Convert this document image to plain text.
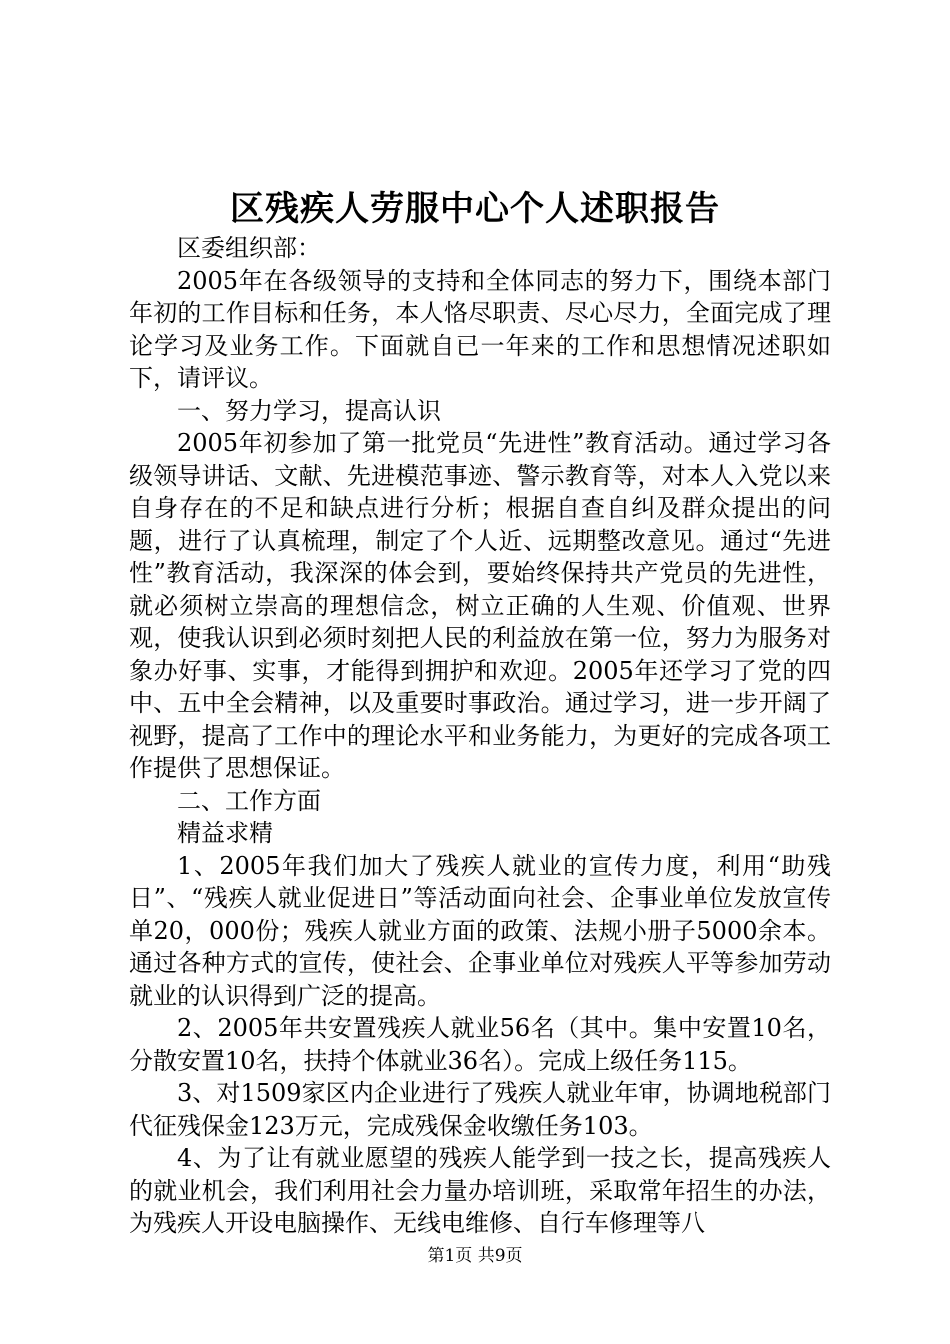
区残疾人劳服中心个人述职报告

区委组织部：

2005年在各级领导的支持和全体同志的努力下，围绕本部门年初的工作目标和任务，本人恪尽职责、尽心尽力，全面完成了理论学习及业务工作。下面就自已一年来的工作和思想情况述职如下，请评议。

一、努力学习，提高认识

2005年初参加了第一批党员“先进性”教育活动。通过学习各级领导讲话、文献、先进模范事迹、警示教育等，对本人入党以来自身存在的不足和缺点进行分析；根据自查自纠及群众提出的问题，进行了认真梳理，制定了个人近、远期整改意见。通过“先进性”教育活动，我深深的体会到，要始终保持共产党员的先进性，就必须树立崇高的理想信念，树立正确的人生观、价值观、世界观，使我认识到必须时刻把人民的利益放在第一位，努力为服务对象办好事、实事，才能得到拥护和欢迎。2005年还学习了党的四中、五中全会精神，以及重要时事政治。通过学习，进一步开阔了视野，提高了工作中的理论水平和业务能力，为更好的完成各项工作提供了思想保证。

二、工作方面

精益求精

1、2005年我们加大了残疾人就业的宣传力度，利用“助残日”、“残疾人就业促进日”等活动面向社会、企事业单位发放宣传单20，000份；残疾人就业方面的政策、法规小册子5000余本。通过各种方式的宣传，使社会、企事业单位对残疾人平等参加劳动就业的认识得到广泛的提高。

2、2005年共安置残疾人就业56名（其中。集中安置10名，分散安置10名，扶持个体就业36名）。完成上级任务115。

3、对1509家区内企业进行了残疾人就业年审，协调地税部门代征残保金123万元，完成残保金收缴任务103。

4、为了让有就业愿望的残疾人能学到一技之长，提高残疾人的就业机会，我们利用社会力量办培训班，采取常年招生的办法，为残疾人开设电脑操作、无线电维修、自行车修理等八

第1页 共9页
